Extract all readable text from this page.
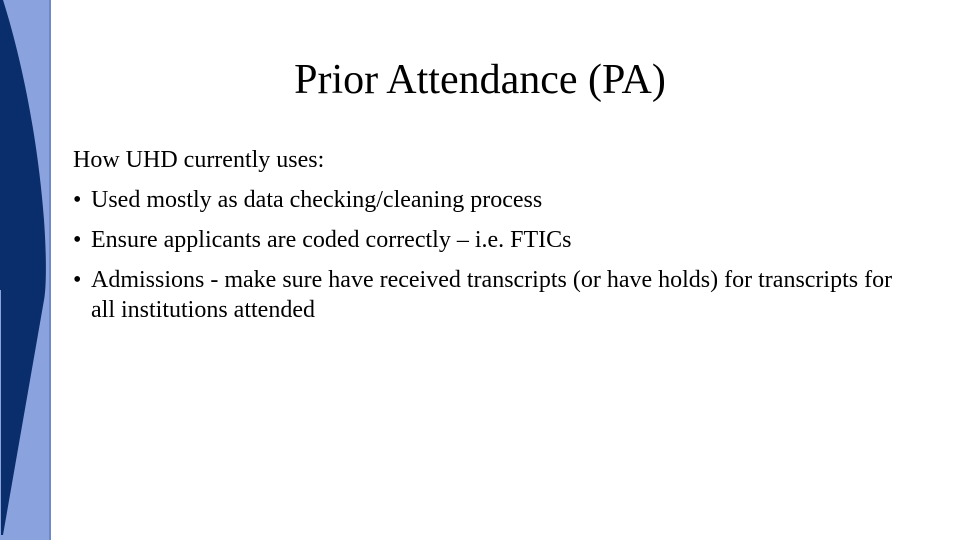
Prior Attendance (PA)

How UHD currently uses:

• Used mostly as data checking/cleaning process
• Ensure applicants are coded correctly – i.e. FTICs
• Admissions - make sure have received transcripts (or have holds) for transcripts for all institutions attended
